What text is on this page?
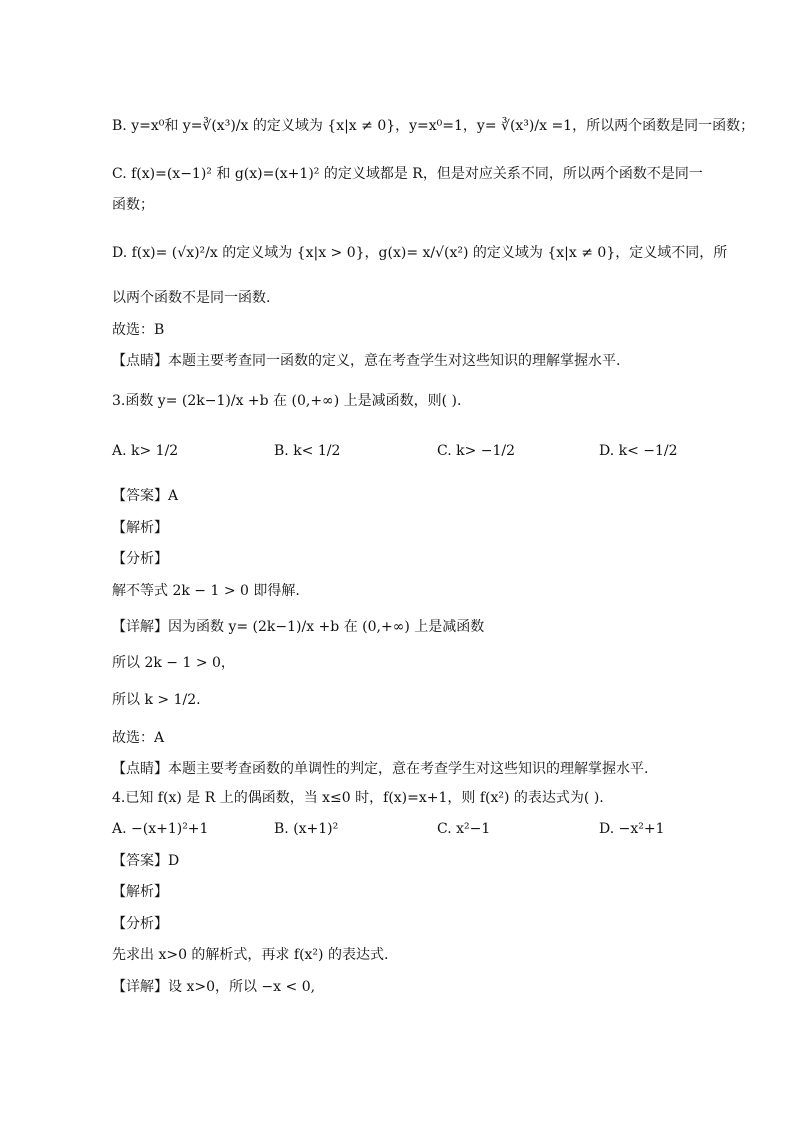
B. y=x⁰和 y=∛(x³)/x 的定义域为 {x|x ≠ 0}，y=x⁰=1，y= ∛(x³)/x =1，所以两个函数是同一函数；
C. f(x)=(x−1)² 和 g(x)=(x+1)² 的定义域都是 R，但是对应关系不同，所以两个函数不是同一
函数；
D. f(x)= (√x)²/x 的定义域为 {x|x > 0}，g(x)= x/√(x²) 的定义域为 {x|x ≠ 0}，定义域不同，所
以两个函数不是同一函数.
故选：B
【点睛】本题主要考查同一函数的定义，意在考查学生对这些知识的理解掌握水平.
3.函数 y= (2k−1)/x +b 在 (0,+∞) 上是减函数，则( ).
A. k> 1/2	B. k< 1/2	C. k> −1/2	D. k< −1/2
【答案】A
【解析】
【分析】
解不等式 2k − 1 > 0 即得解.
【详解】因为函数 y= (2k−1)/x +b 在 (0,+∞) 上是减函数
所以 2k − 1 > 0，
所以 k > 1/2.
故选：A
【点睛】本题主要考查函数的单调性的判定，意在考查学生对这些知识的理解掌握水平.
4.已知 f(x) 是 R 上的偶函数，当 x≤0 时，f(x)=x+1，则 f(x²) 的表达式为( ).
A. −(x+1)²+1	B. (x+1)²	C. x²−1	D. −x²+1
【答案】D
【解析】
【分析】
先求出 x>0 的解析式，再求 f(x²) 的表达式.
【详解】设 x>0，所以 −x < 0,
